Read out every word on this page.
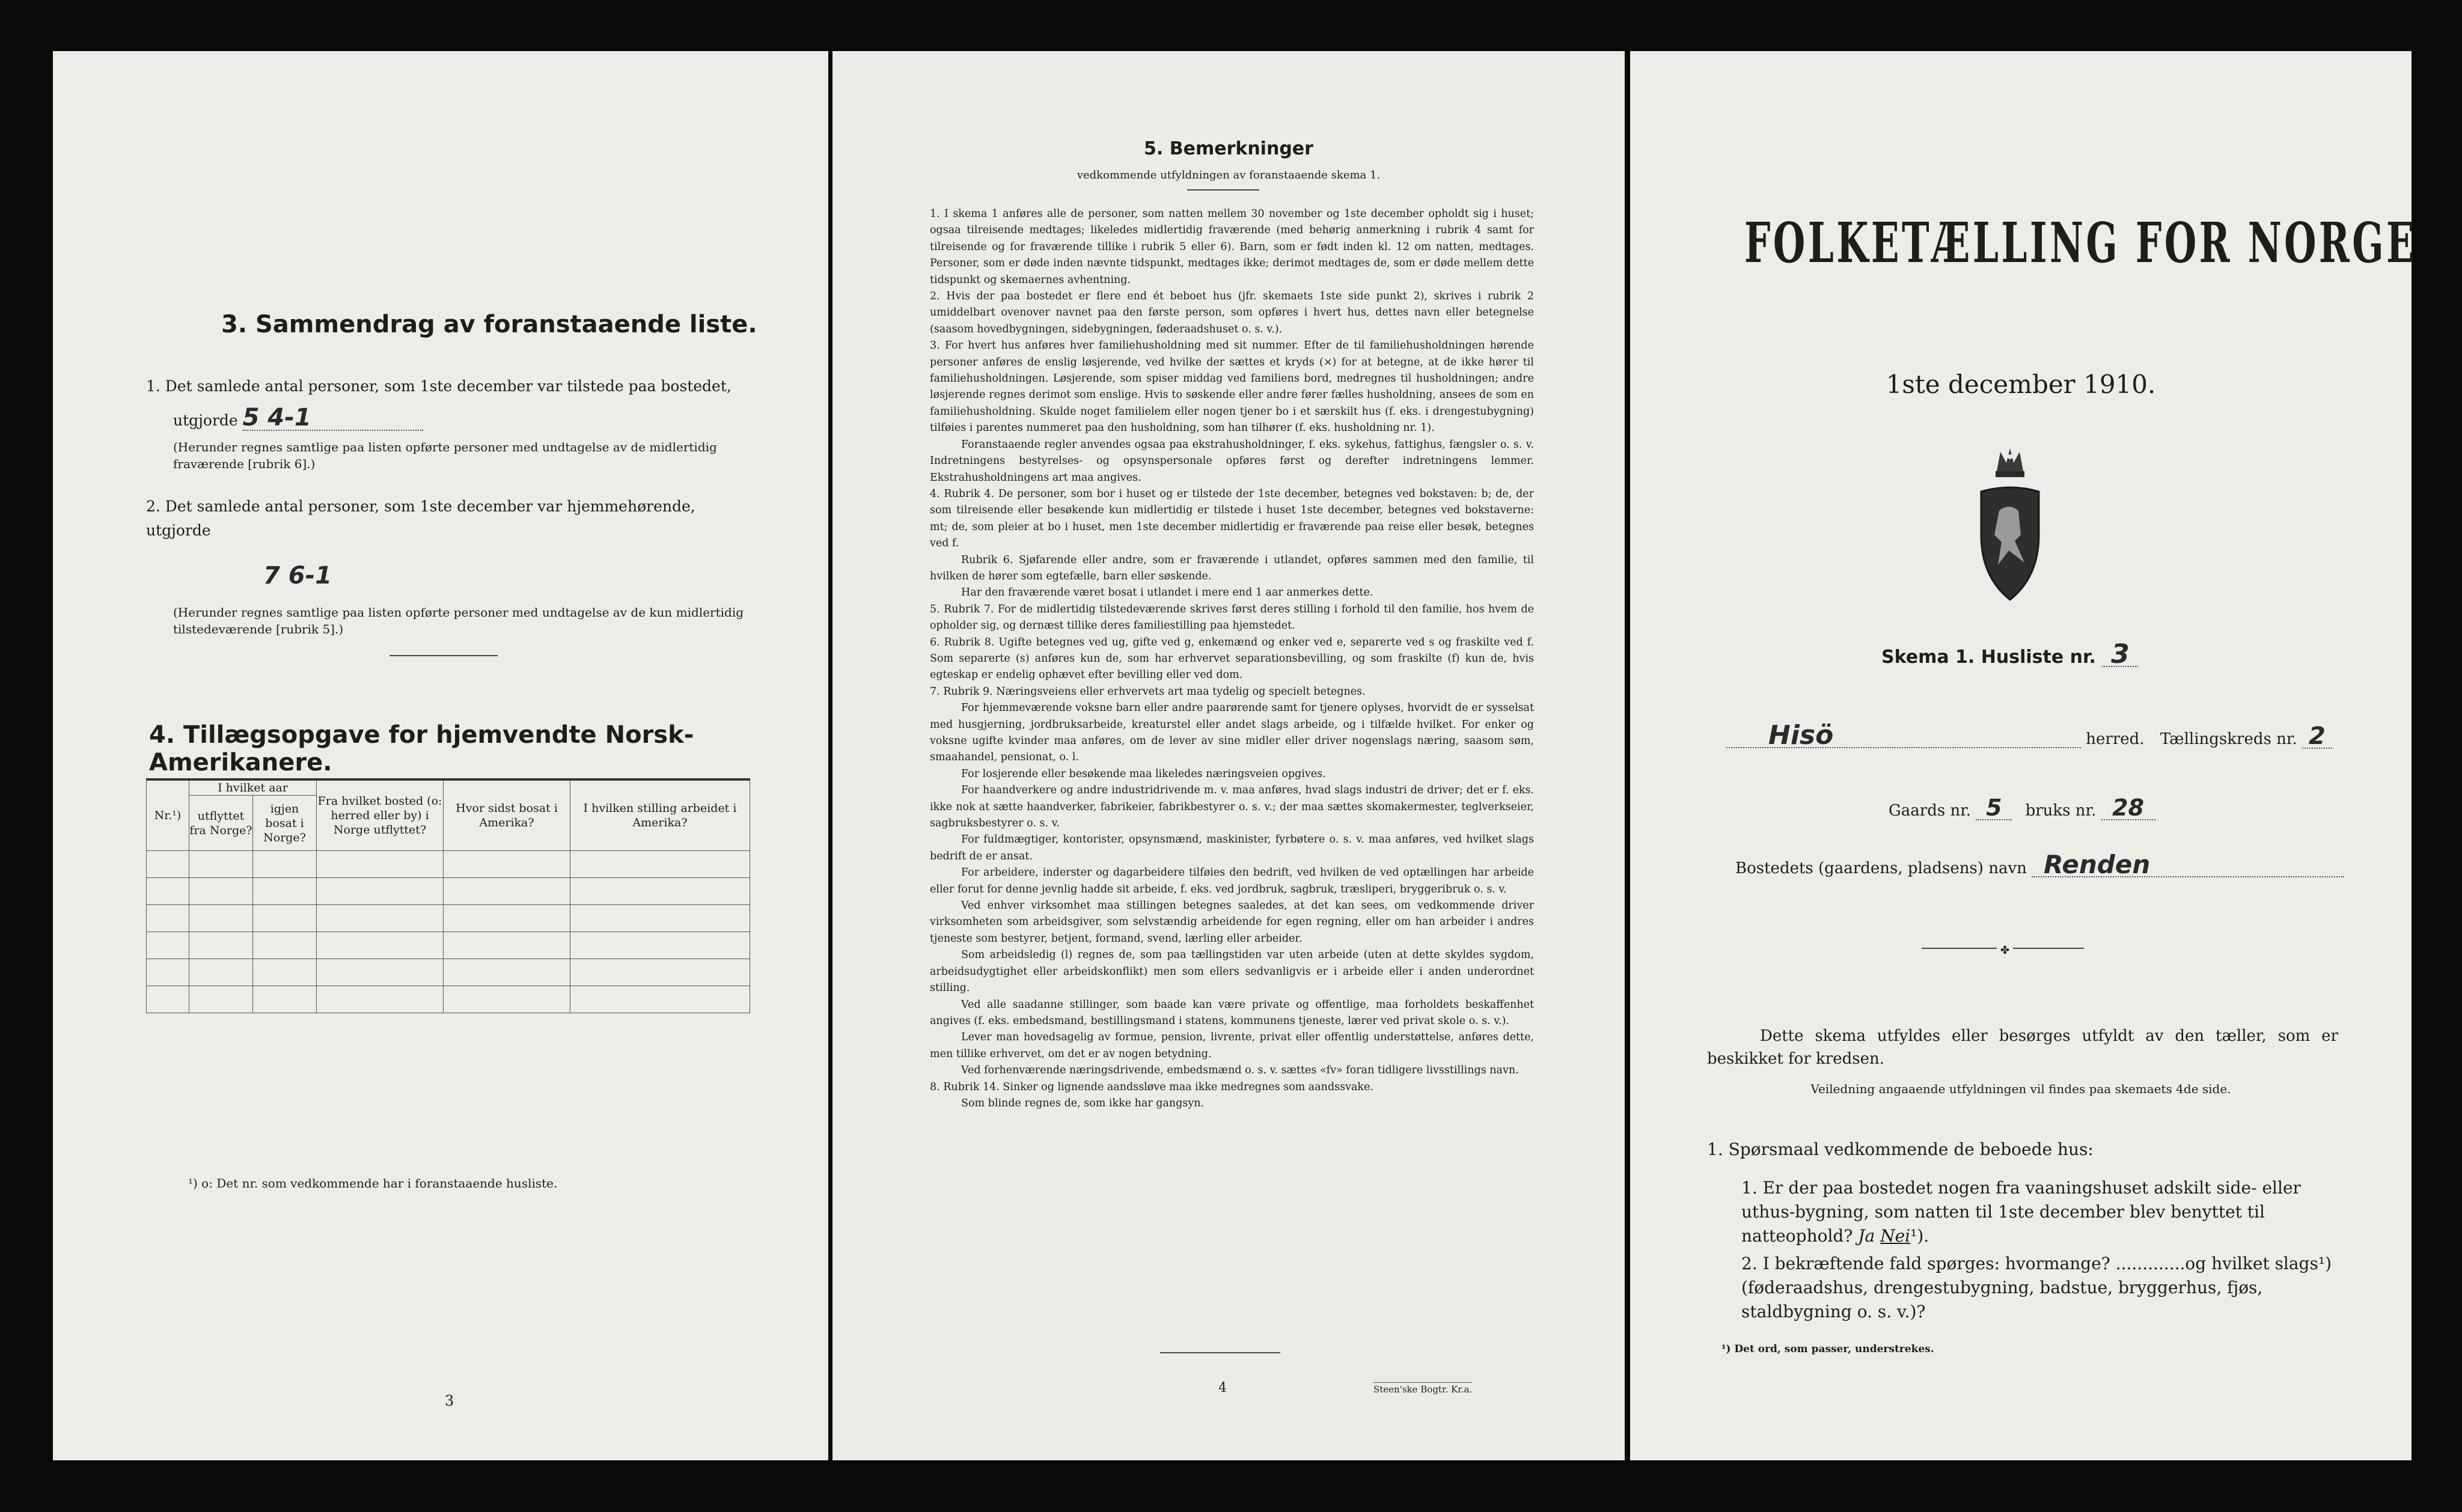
3. Sammendrag av foranstaaende liste.
1. Det samlede antal personer, som 1ste december var tilstede paa bostedet,
utgjorde 5 4-1
(Herunder regnes samtlige paa listen opførte personer med undtagelse av de midlertidig fraværende [rubrik 6].)
2. Det samlede antal personer, som 1ste december var hjemmehørende, utgjorde
7 6-1
(Herunder regnes samtlige paa listen opførte personer med undtagelse av de kun midlertidig tilstedeværende [rubrik 5].)
4. Tillægsopgave for hjemvendte Norsk-Amerikanere.
Nr.¹)	I hvilket aar		Fra hvilket bosted (o: herred eller by) i Norge utflyttet?	Hvor sidst bosat i Amerika?	I hvilken stilling arbeidet i Amerika?
	utflyttet fra Norge?	igjen bosat i Norge?			

¹) o: Det nr. som vedkommende har i foranstaaende husliste.
3
5. Bemerkninger
vedkommende utfyldningen av foranstaaende skema 1.

1. I skema 1 anføres alle de personer, som natten mellem 30 november og 1ste december opholdt sig i huset; ogsaa tilreisende medtages; likeledes midlertidig fraværende (med behørig anmerkning i rubrik 4 samt for tilreisende og for fraværende tillike i rubrik 5 eller 6). Barn, som er født inden kl. 12 om natten, medtages. Personer, som er døde inden nævnte tidspunkt, medtages ikke; derimot medtages de, som er døde mellem dette tidspunkt og skemaernes avhentning.

2. Hvis der paa bostedet er flere end ét beboet hus (jfr. skemaets 1ste side punkt 2), skrives i rubrik 2 umiddelbart ovenover navnet paa den første person, som opføres i hvert hus, dettes navn eller betegnelse (saasom hovedbygningen, sidebygningen, føderaadshuset o. s. v.).

3. For hvert hus anføres hver familiehusholdning med sit nummer. Efter de til familiehusholdningen hørende personer anføres de enslig løsjerende, ved hvilke der sættes et kryds (×) for at betegne, at de ikke hører til familiehusholdningen. Løsjerende, som spiser middag ved familiens bord, medregnes til husholdningen; andre løsjerende regnes derimot som enslige. Hvis to søskende eller andre fører fælles husholdning, ansees de som en familiehusholdning. Skulde noget familielem eller nogen tjener bo i et særskilt hus (f. eks. i drengestubygning) tilføies i parentes nummeret paa den husholdning, som han tilhører (f. eks. husholdning nr. 1).

Foranstaaende regler anvendes ogsaa paa ekstrahusholdninger, f. eks. sykehus, fattighus, fængsler o. s. v. Indretningens bestyrelses- og opsynspersonale opføres først og derefter indretningens lemmer. Ekstrahusholdningens art maa angives.

4. Rubrik 4. De personer, som bor i huset og er tilstede der 1ste december, betegnes ved bokstaven: b; de, der som tilreisende eller besøkende kun midlertidig er tilstede i huset 1ste december, betegnes ved bokstaverne: mt; de, som pleier at bo i huset, men 1ste december midlertidig er fraværende paa reise eller besøk, betegnes ved f.

Rubrik 6. Sjøfarende eller andre, som er fraværende i utlandet, opføres sammen med den familie, til hvilken de hører som egtefælle, barn eller søskende.

Har den fraværende været bosat i utlandet i mere end 1 aar anmerkes dette.

5. Rubrik 7. For de midlertidig tilstedeværende skrives først deres stilling i forhold til den familie, hos hvem de opholder sig, og dernæst tillike deres familiestilling paa hjemstedet.

6. Rubrik 8. Ugifte betegnes ved ug, gifte ved g, enkemænd og enker ved e, separerte ved s og fraskilte ved f. Som separerte (s) anføres kun de, som har erhvervet separationsbevilling, og som fraskilte (f) kun de, hvis egteskap er endelig ophævet efter bevilling eller ved dom.

7. Rubrik 9. Næringsveiens eller erhvervets art maa tydelig og specielt betegnes.

For hjemmeværende voksne barn eller andre paarørende samt for tjenere oplyses, hvorvidt de er sysselsat med husgjerning, jordbruksarbeide, kreaturstel eller andet slags arbeide, og i tilfælde hvilket. For enker og voksne ugifte kvinder maa anføres, om de lever av sine midler eller driver nogenslags næring, saasom søm, smaahandel, pensionat, o. l.

For losjerende eller besøkende maa likeledes næringsveien opgives.

For haandverkere og andre industridrivende m. v. maa anføres, hvad slags industri de driver; det er f. eks. ikke nok at sætte haandverker, fabrikeier, fabrikbestyrer o. s. v.; der maa sættes skomakermester, teglverkseier, sagbruksbestyrer o. s. v.

For fuldmægtiger, kontorister, opsynsmænd, maskinister, fyrbøtere o. s. v. maa anføres, ved hvilket slags bedrift de er ansat.

For arbeidere, inderster og dagarbeidere tilføies den bedrift, ved hvilken de ved optællingen har arbeide eller forut for denne jevnlig hadde sit arbeide, f. eks. ved jordbruk, sagbruk, træsliperi, bryggeribruk o. s. v.

Ved enhver virksomhet maa stillingen betegnes saaledes, at det kan sees, om vedkommende driver virksomheten som arbeidsgiver, som selvstændig arbeidende for egen regning, eller om han arbeider i andres tjeneste som bestyrer, betjent, formand, svend, lærling eller arbeider.

Som arbeidsledig (l) regnes de, som paa tællingstiden var uten arbeide (uten at dette skyldes sygdom, arbeidsudygtighet eller arbeidskonflikt) men som ellers sedvanligvis er i arbeide eller i anden underordnet stilling.

Ved alle saadanne stillinger, som baade kan være private og offentlige, maa forholdets beskaffenhet angives (f. eks. embedsmand, bestillingsmand i statens, kommunens tjeneste, lærer ved privat skole o. s. v.).

Lever man hovedsagelig av formue, pension, livrente, privat eller offentlig understøttelse, anføres dette, men tillike erhvervet, om det er av nogen betydning.

Ved forhenværende næringsdrivende, embedsmænd o. s. v. sættes «fv» foran tidligere livsstillings navn.

8. Rubrik 14. Sinker og lignende aandssløve maa ikke medregnes som aandssvake.

Som blinde regnes de, som ikke har gangsyn.

4	Steen'ske Bogtr. Kr.a.
FOLKETÆLLING FOR NORGE
1ste december 1910.
Skema 1. Husliste nr. 3
Hisö	herred. Tællingskreds nr. 2
Gaards nr. 5 bruks nr. 28
Bostedets (gaardens, pladsens) navn Renden
✤
Dette skema utfyldes eller besørges utfyldt av den tæller, som er beskikket for kredsen.
Veiledning angaaende utfyldningen vil findes paa skemaets 4de side.
1. Spørsmaal vedkommende de beboede hus:
1. Er der paa bostedet nogen fra vaaningshuset adskilt side- eller uthus-bygning, som natten til 1ste december blev benyttet til natteophold? Ja Nei¹).
2. I bekræftende fald spørges: hvormange? .............og hvilket slags¹) (føderaadshus, drengestubygning, badstue, bryggerhus, fjøs, staldbygning o. s. v.)?
¹) Det ord, som passer, understrekes.
